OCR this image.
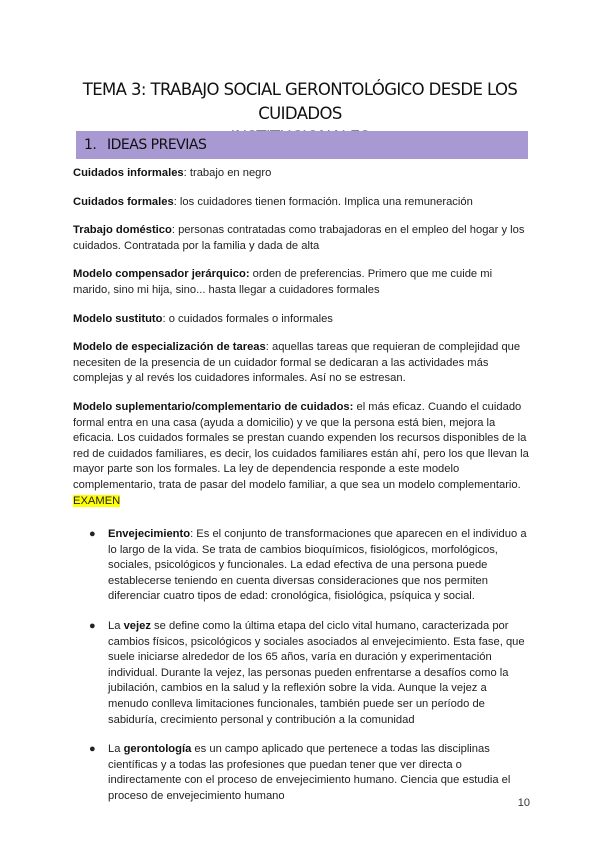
TEMA 3: TRABAJO SOCIAL GERONTOLÓGICO DESDE LOS CUIDADOS
1. IDEAS PREVIAS

Cuidados informales: trabajo en negro

Cuidados formales: los cuidadores tienen formación. Implica una remuneración

Trabajo doméstico: personas contratadas como trabajadoras en el empleo del hogar y los cuidados. Contratada por la familia y dada de alta

Modelo compensador jerárquico: orden de preferencias. Primero que me cuide mi marido, sino mi hija, sino... hasta llegar a cuidadores formales

Modelo sustituto: o cuidados formales o informales

Modelo de especialización de tareas: aquellas tareas que requieran de complejidad que necesiten de la presencia de un cuidador formal se dedicaran a las actividades más complejas y al revés los cuidadores informales. Así no se estresan.

Modelo suplementario/complementario de cuidados: el más eficaz. Cuando el cuidado formal entra en una casa (ayuda a domicilio) y ve que la persona está bien, mejora la eficacia. Los cuidados formales se prestan cuando expenden los recursos disponibles de la red de cuidados familiares, es decir, los cuidados familiares están ahí, pero los que llevan la mayor parte son los formales. La ley de dependencia responde a este modelo complementario, trata de pasar del modelo familiar, a que sea un modelo complementario. EXAMEN

● Envejecimiento: Es el conjunto de transformaciones que aparecen en el individuo a lo largo de la vida. Se trata de cambios bioquímicos, fisiológicos, morfológicos, sociales, psicológicos y funcionales. La edad efectiva de una persona puede establecerse teniendo en cuenta diversas consideraciones que nos permiten diferenciar cuatro tipos de edad: cronológica, fisiológica, psíquica y social.
● La vejez se define como la última etapa del ciclo vital humano, caracterizada por cambios físicos, psicológicos y sociales asociados al envejecimiento. Esta fase, que suele iniciarse alrededor de los 65 años, varía en duración y experimentación individual. Durante la vejez, las personas pueden enfrentarse a desafíos como la jubilación, cambios en la salud y la reflexión sobre la vida. Aunque la vejez a menudo conlleva limitaciones funcionales, también puede ser un período de sabiduría, crecimiento personal y contribución a la comunidad
● La gerontología es un campo aplicado que pertenece a todas las disciplinas científicas y a todas las profesiones que puedan tener que ver directa o indirectamente con el proceso de envejecimiento humano. Ciencia que estudia el proceso de envejecimiento humano
10
